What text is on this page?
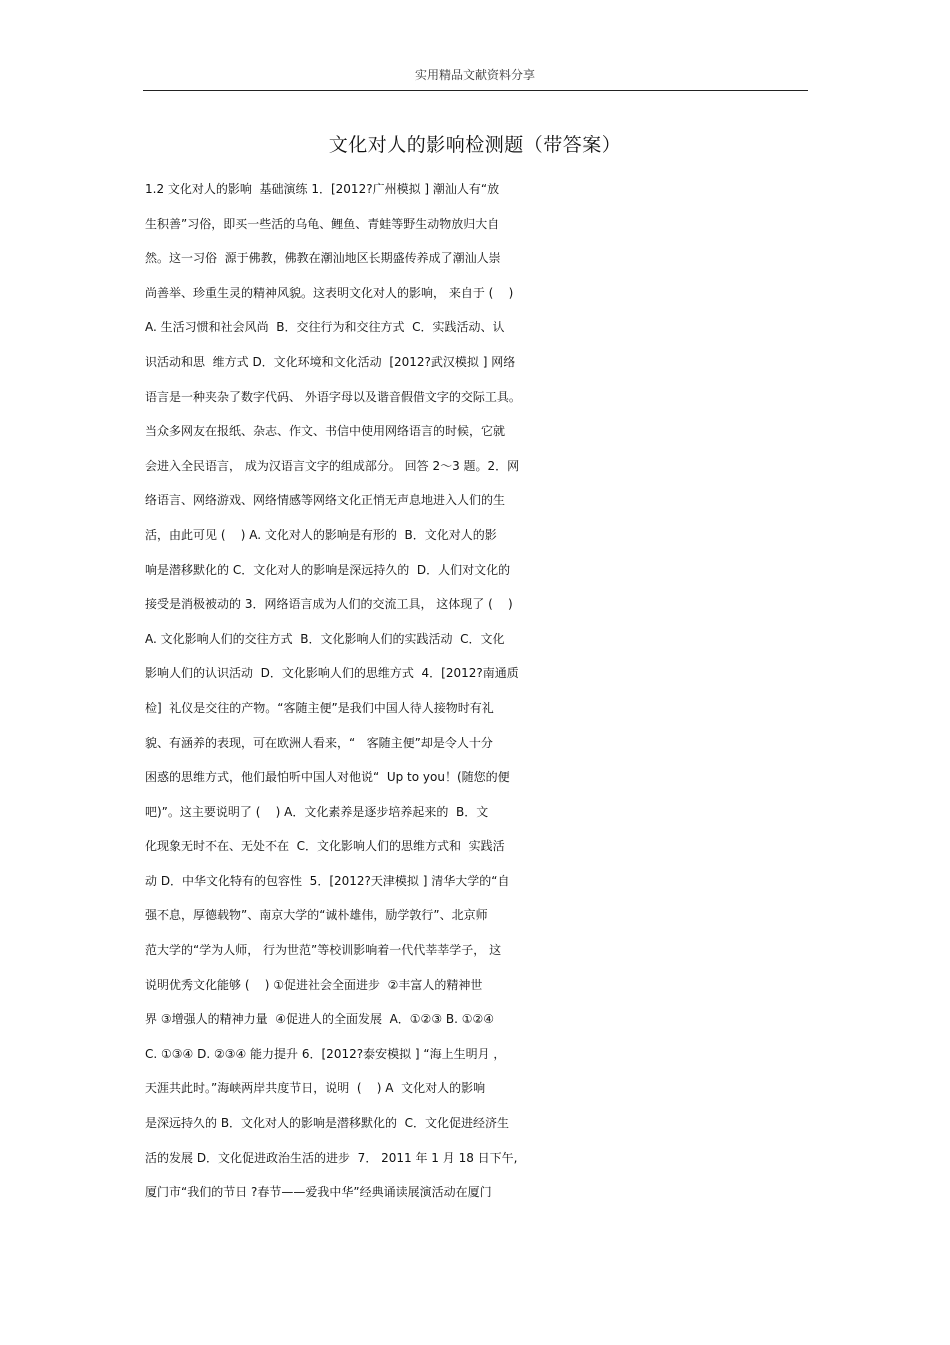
实用精品文献资料分享
文化对人的影响检测题（带答案）
1.2 文化对人的影响  基础演练 1．[2012?广州模拟 ] 潮汕人有“放
生积善”习俗，即买一些活的乌龟、鲤鱼、青蛙等野生动物放归大自
然。这一习俗  源于佛教，佛教在潮汕地区长期盛传养成了潮汕人崇
尚善举、珍重生灵的精神风貌。这表明文化对人的影响， 来自于 (    )
A. 生活习惯和社会风尚  B．交往行为和交往方式  C．实践活动、认
识活动和思  维方式 D．文化环境和文化活动  [2012?武汉模拟 ] 网络
语言是一种夹杂了数字代码、 外语字母以及谐音假借文字的交际工具。
当众多网友在报纸、杂志、作文、书信中使用网络语言的时候，它就
会进入全民语言， 成为汉语言文字的组成部分。 回答 2～3 题。2．网
络语言、网络游戏、网络情感等网络文化正悄无声息地进入人们的生
活，由此可见 (    ) A. 文化对人的影响是有形的  B．文化对人的影
响是潜移默化的 C．文化对人的影响是深远持久的  D．人们对文化的
接受是消极被动的 3．网络语言成为人们的交流工具， 这体现了 (    )
A. 文化影响人们的交往方式  B．文化影响人们的实践活动  C．文化
影响人们的认识活动  D．文化影响人们的思维方式  4．[2012?南通质
检]  礼仪是交往的产物。“客随主便”是我们中国人待人接物时有礼
貌、有涵养的表现，可在欧洲人看来，“   客随主便”却是令人十分
困惑的思维方式，他们最怕听中国人对他说“  Up to you！(随您的便
吧)”。这主要说明了 (    ) A．文化素养是逐步培养起来的  B．文
化现象无时不在、无处不在  C．文化影响人们的思维方式和  实践活
动 D．中华文化特有的包容性  5．[2012?天津模拟 ] 清华大学的“自
强不息，厚德载物”、南京大学的“诚朴雄伟，励学敦行”、北京师
范大学的“学为人师， 行为世范”等校训影响着一代代莘莘学子， 这
说明优秀文化能够 (    ) ①促进社会全面进步  ②丰富人的精神世
界 ③增强人的精神力量  ④促进人的全面发展  A．①②③ B. ①②④
C. ①③④ D. ②③④ 能力提升 6．[2012?泰安模拟 ] “海上生明月 ，
天涯共此时。”海峡两岸共度节日，说明  (    ) A  文化对人的影响
是深远持久的 B．文化对人的影响是潜移默化的  C．文化促进经济生
活的发展 D．文化促进政治生活的进步  7． 2011 年 1 月 18 日下午,
厦门市“我们的节日 ?春节——爱我中华”经典诵读展演活动在厦门
